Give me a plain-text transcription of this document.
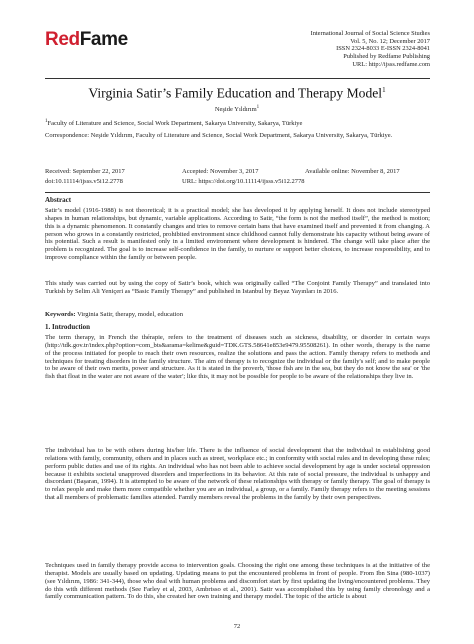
RedFame	International Journal of Social Science Studies
Vol. 5, No. 12; December 2017
ISSN 2324-8033 E-ISSN 2324-8041
Published by Redfame Publishing
URL: http://ijsss.redfame.com
Virginia Satir’s Family Education and Therapy Model$^1$
Neşide Yıldırım$^1$
$^1$Faculty of Literature and Science, Social Work Department, Sakarya University, Sakarya, Türkiye
Correspondence: Neşide Yıldırım, Faculty of Literature and Science, Social Work Department, Sakarya University, Sakarya, Türkiye.
Received: September 22, 2017	Accepted: November 3, 2017	Available online: November 8, 2017
doi:10.11114/ijsss.v5i12.2778	URL: https://doi.org/10.11114/ijsss.v5i12.2778
Abstract
Satir’s model (1916-1988) is not theoretical; it is a practical model; she has developed it by applying herself. It does not include stereotyped shapes in human relationships, but dynamic, variable applications. According to Satir, “the form is not the method itself”, the method is motion; this is a dynamic phenomenon. It constantly changes and tries to remove certain bans that have examined itself and prevented it from changing. A person who grows in a constantly restricted, prohibited environment since childhood cannot fully demonstrate his capacity without being aware of his potential. Such a result is manifested only in a limited environment where development is hindered. The change will take place after the problem is recognized. The goal is to increase self-confidence in the family, to nurture or support better choices, to increase responsibility, and to improve compliance within the family or between people.
This study was carried out by using the copy of Satir’s book, which was originally called “The Conjoint Family Therapy” and translated into Turkish by Selim Ali Yeniçeri as “Basic Family Therapy” and published in Istanbul by Beyaz Yayınları in 2016.
Keywords: Virginia Satir, therapy, model, education
1. Introduction
The term therapy, in French the thérapie, refers to the treatment of diseases such as sickness, disability, or disorder in certain ways (http://tdk.gov.tr/index.php?option=com_bts&arama=kelime&guid=TDK.GTS.58641e853e9479.95508261). In other words, therapy is the name of the process initiated for people to reach their own resources, realize the solutions and pass the action. Family therapy refers to methods and techniques for treating disorders in the family structure. The aim of therapy is to recognize the individual or the family's self; and to make people to be aware of their own merits, power and structure. As it is stated in the proverb, 'those fish are in the sea, but they do not know the sea' or 'the fish that float in the water are not aware of the water'; like this, it may not be possible for people to be aware of the relationships they live in.
The individual has to be with others during his/her life. There is the influence of social development that the individual in establishing good relations with family, community, others and in places such as street, workplace etc.; in conformity with social rules and in developing these rules; perform public duties and use of its rights. An individual who has not been able to achieve social development by age is under societal oppression because it exhibits societal unapproved disorders and imperfections in its behavior. At this rate of social pressure, the individual is unhappy and discordant (Başaran, 1994). It is attempted to be aware of the network of these relationships with therapy or family therapy. The goal of therapy is to relax people and make them more compatible whether you are an individual, a group, or a family. Family therapy refers to the meeting sessions that all members of problematic families attended. Family members reveal the problems in the family by their own perspectives.
Techniques used in family therapy provide access to intervention goals. Choosing the right one among these techniques is at the initiative of the therapist. Models are usually based on updating. Updating means to put the encountered problems in front of people. From Ibn Sina (980-1037) (see Yıldırım, 1986: 341-344), those who deal with human problems and discomfort start by first updating the living/encountered problems. They do this with different methods (See Farley et al, 2003, Ambrisso et al., 2001). Satir was accomplished this by using family chronology and a family communication pattern. To do this, she created her own training and therapy model. The topic of the article is about
72
